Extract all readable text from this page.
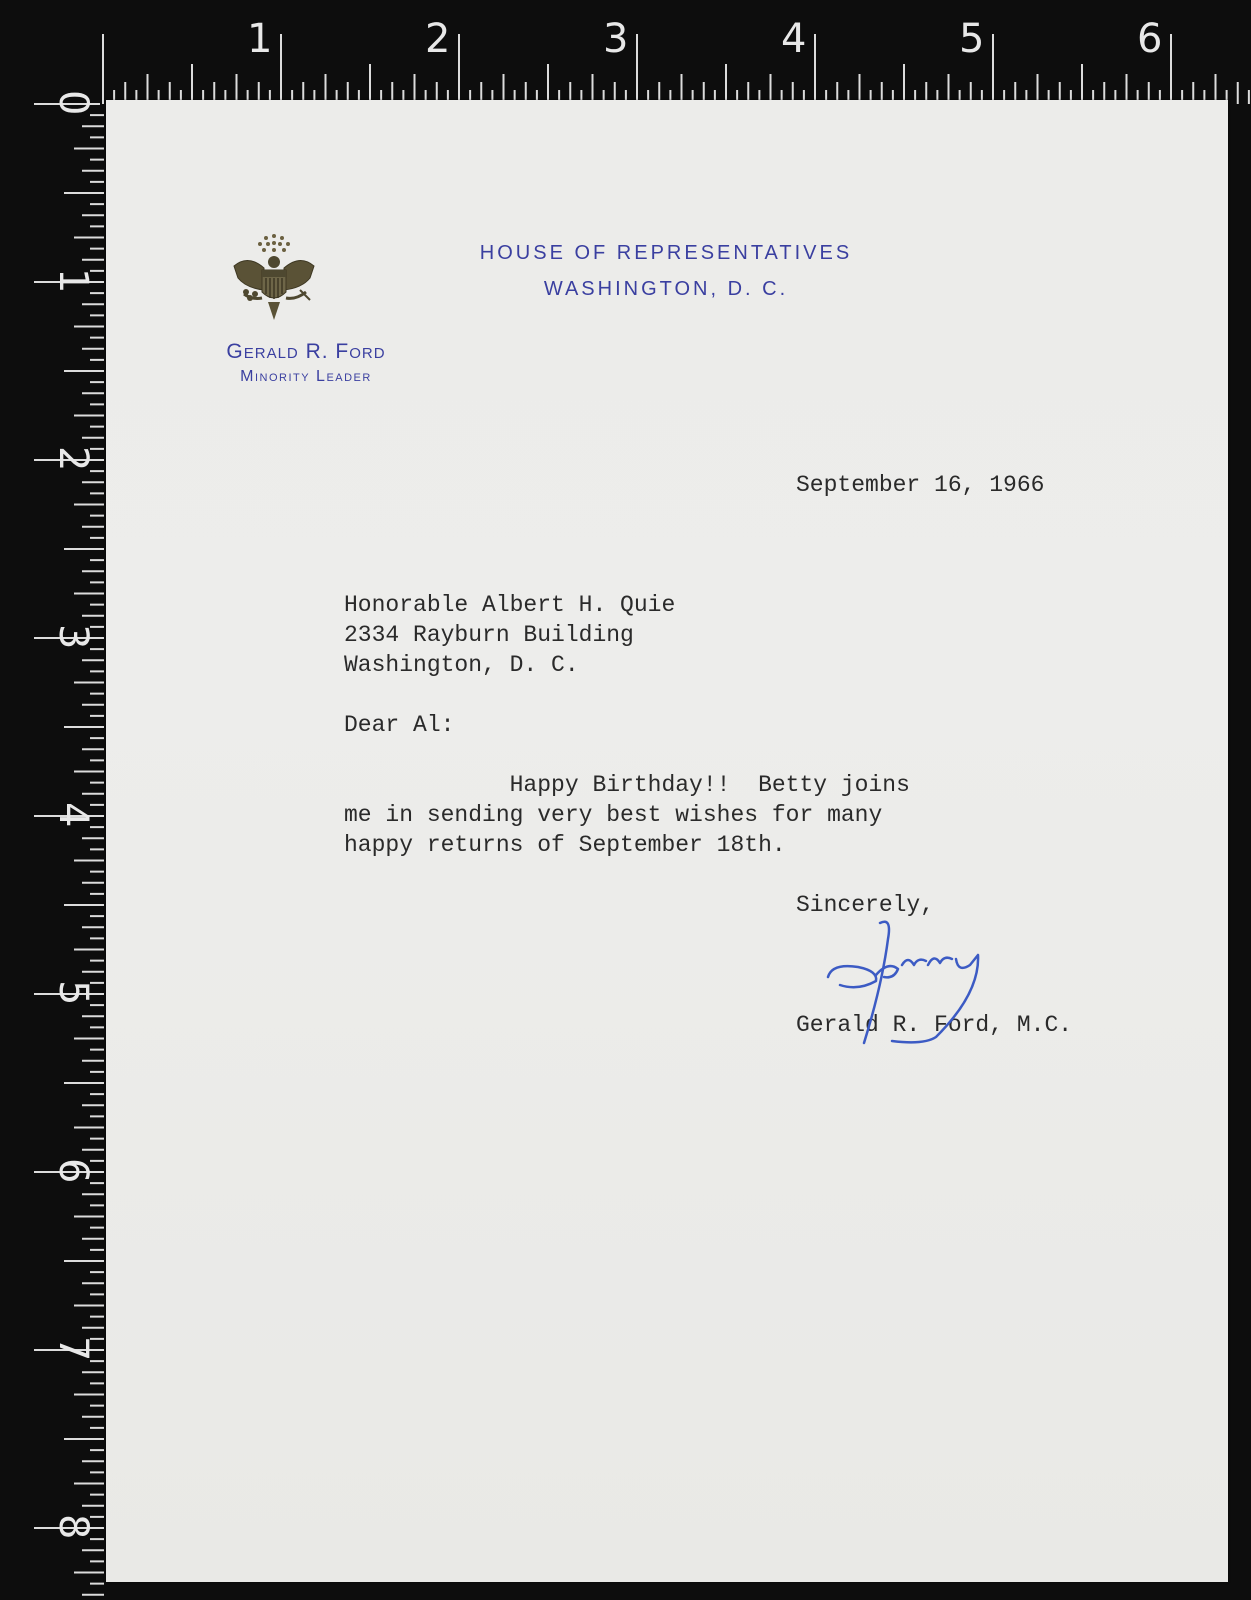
0
1
2
3
4
5
6
7
8
1	2	3	4	5	6
Gerald R. Ford
Minority Leader
HOUSE OF REPRESENTATIVES
WASHINGTON, D. C.
September 16, 1966
Honorable Albert H. Quie
2334 Rayburn Building
Washington, D. C.
Dear Al:
Happy Birthday!!  Betty joins
me in sending very best wishes for many
happy returns of September 18th.
Sincerely,
Gerald R. Ford, M.C.
